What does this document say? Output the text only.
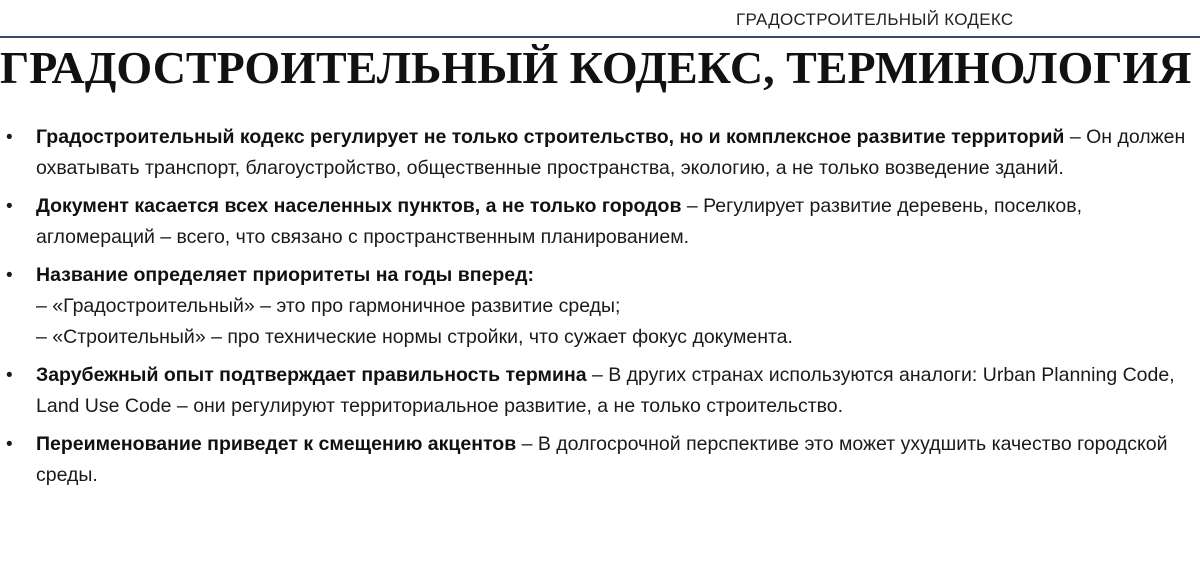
ГРАДОСТРОИТЕЛЬНЫЙ КОДЕКС
ГРАДОСТРОИТЕЛЬНЫЙ КОДЕКС, ТЕРМИНОЛОГИЯ
• Градостроительный кодекс регулирует не только строительство, но и комплексное развитие территорий – Он должен охватывать транспорт, благоустройство, общественные пространства, экологию, а не только возведение зданий.
• Документ касается всех населенных пунктов, а не только городов – Регулирует развитие деревень, поселков, агломераций – всего, что связано с пространственным планированием.
• Название определяет приоритеты на годы вперед:
– «Градостроительный» – это про гармоничное развитие среды;
– «Строительный» – про технические нормы стройки, что сужает фокус документа.
• Зарубежный опыт подтверждает правильность термина – В других странах используются аналоги: Urban Planning Code, Land Use Code – они регулируют территориальное развитие, а не только строительство.
• Переименование приведет к смещению акцентов – В долгосрочной перспективе это может ухудшить качество городской среды.
